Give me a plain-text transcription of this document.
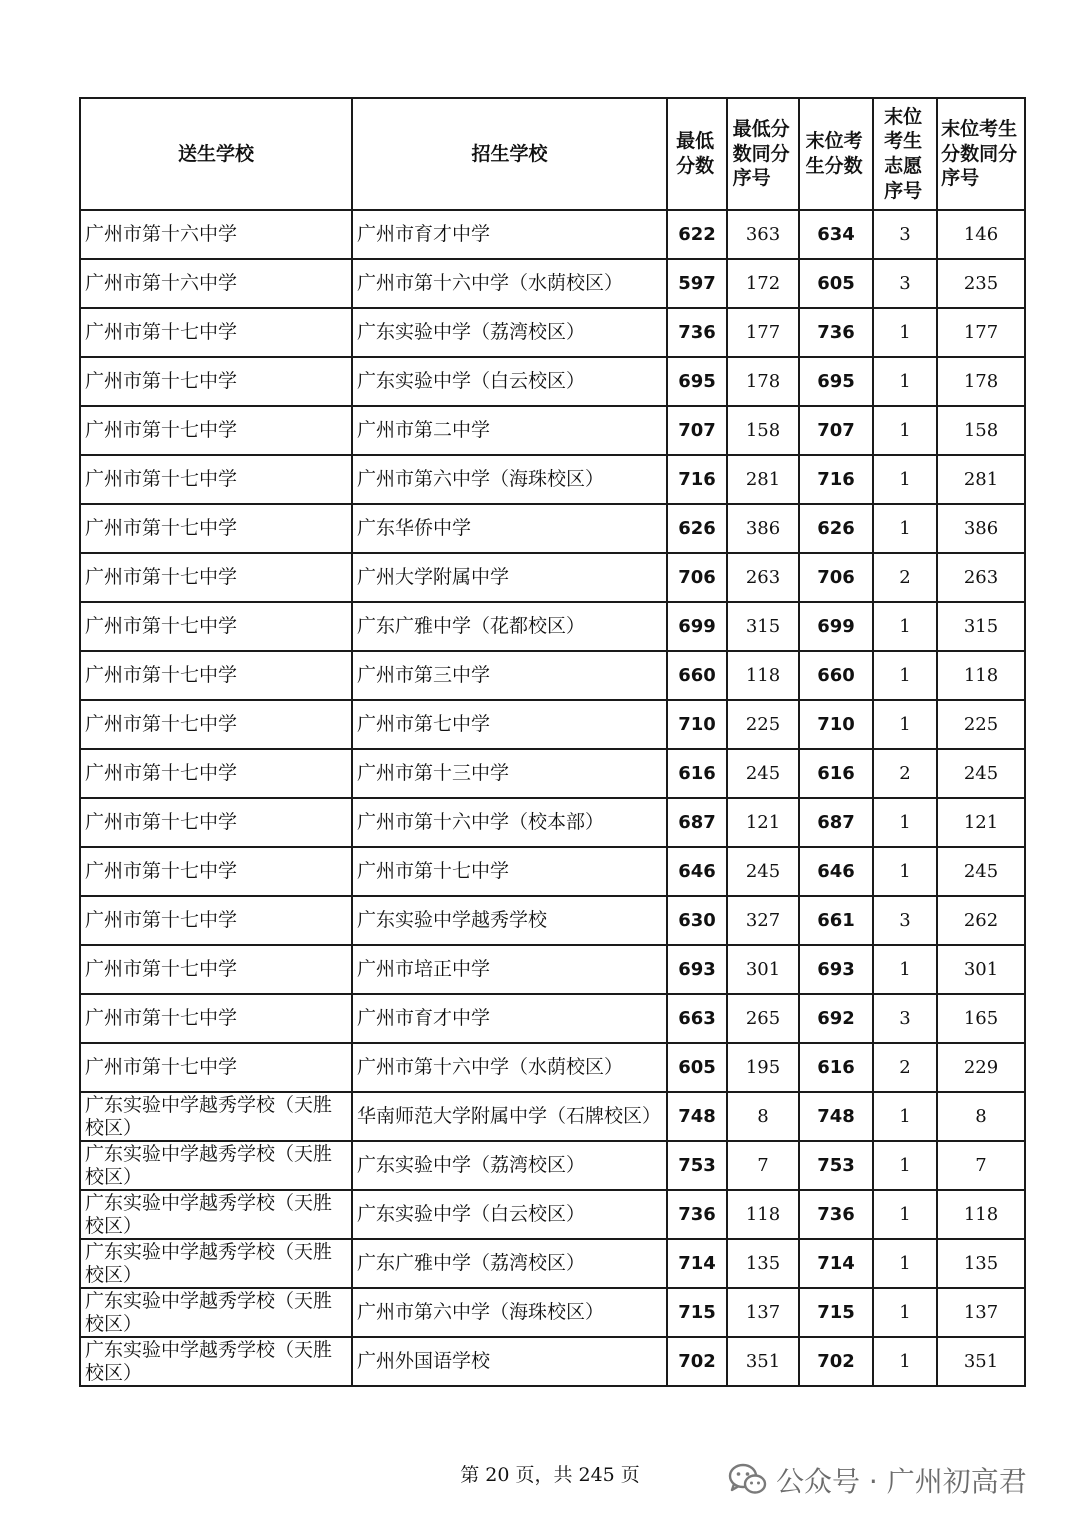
送生学校	招生学校	最低分数	最低分数同分序号	末位考生分数	末位考生志愿序号	末位考生分数同分序号
广州市第十六中学	广州市育才中学	622	363	634	3	146
广州市第十六中学	广州市第十六中学（水荫校区）	597	172	605	3	235
广州市第十七中学	广东实验中学（荔湾校区）	736	177	736	1	177
广州市第十七中学	广东实验中学（白云校区）	695	178	695	1	178
广州市第十七中学	广州市第二中学	707	158	707	1	158
广州市第十七中学	广州市第六中学（海珠校区）	716	281	716	1	281
广州市第十七中学	广东华侨中学	626	386	626	1	386
广州市第十七中学	广州大学附属中学	706	263	706	2	263
广州市第十七中学	广东广雅中学（花都校区）	699	315	699	1	315
广州市第十七中学	广州市第三中学	660	118	660	1	118
广州市第十七中学	广州市第七中学	710	225	710	1	225
广州市第十七中学	广州市第十三中学	616	245	616	2	245
广州市第十七中学	广州市第十六中学（校本部）	687	121	687	1	121
广州市第十七中学	广州市第十七中学	646	245	646	1	245
广州市第十七中学	广东实验中学越秀学校	630	327	661	3	262
广州市第十七中学	广州市培正中学	693	301	693	1	301
广州市第十七中学	广州市育才中学	663	265	692	3	165
广州市第十七中学	广州市第十六中学（水荫校区）	605	195	616	2	229
广东实验中学越秀学校（天胜校区）	华南师范大学附属中学（石牌校区）	748	8	748	1	8
广东实验中学越秀学校（天胜校区）	广东实验中学（荔湾校区）	753	7	753	1	7
广东实验中学越秀学校（天胜校区）	广东实验中学（白云校区）	736	118	736	1	118
广东实验中学越秀学校（天胜校区）	广东广雅中学（荔湾校区）	714	135	714	1	135
广东实验中学越秀学校（天胜校区）	广州市第六中学（海珠校区）	715	137	715	1	137
广东实验中学越秀学校（天胜校区）	广州外国语学校	702	351	702	1	351
第 20 页，共 245 页	公众号 · 广州初高君
